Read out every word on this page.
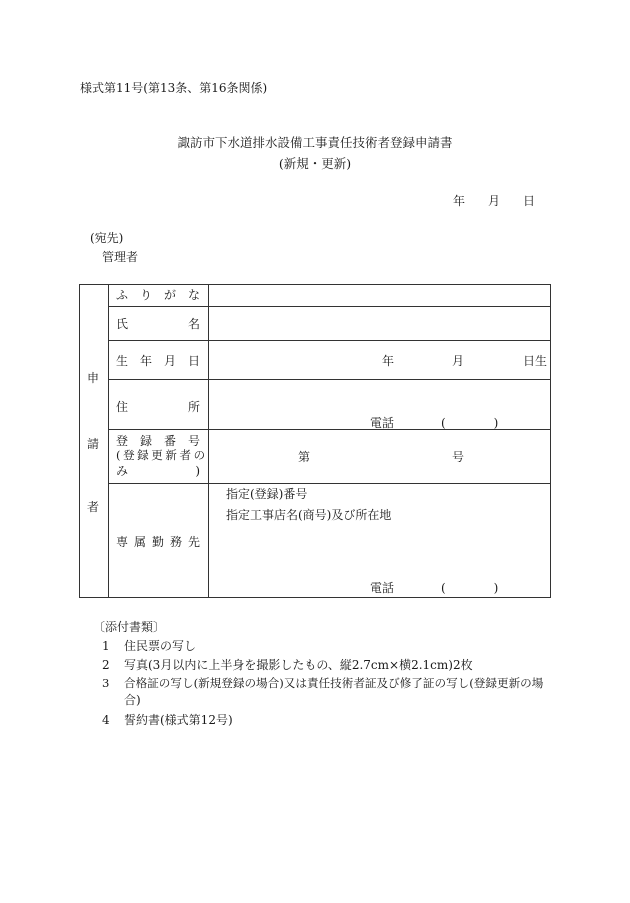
様式第11号(第13条、第16条関係)
諏訪市下水道排水設備工事責任技術者登録申請書
(新規・更新)
年 月 日
(宛先)
管理者
申
請
者
ふ り が な
氏	名
生 年 月 日	年	月	日生
住	所
電話	(　　　　)
登 録 番 号
(登録更新者の
み	)
第	号
専 属 勤 務 先
指定(登録)番号
指定工事店名(商号)及び所在地
電話	(　　　　)
〔添付書類〕
1 住民票の写し
2 写真(3月以内に上半身を撮影したもの、縦2.7cm×横2.1cm)2枚
3 合格証の写し(新規登録の場合)又は責任技術者証及び修了証の写し(登録更新の場
合)
4 誓約書(様式第12号)
